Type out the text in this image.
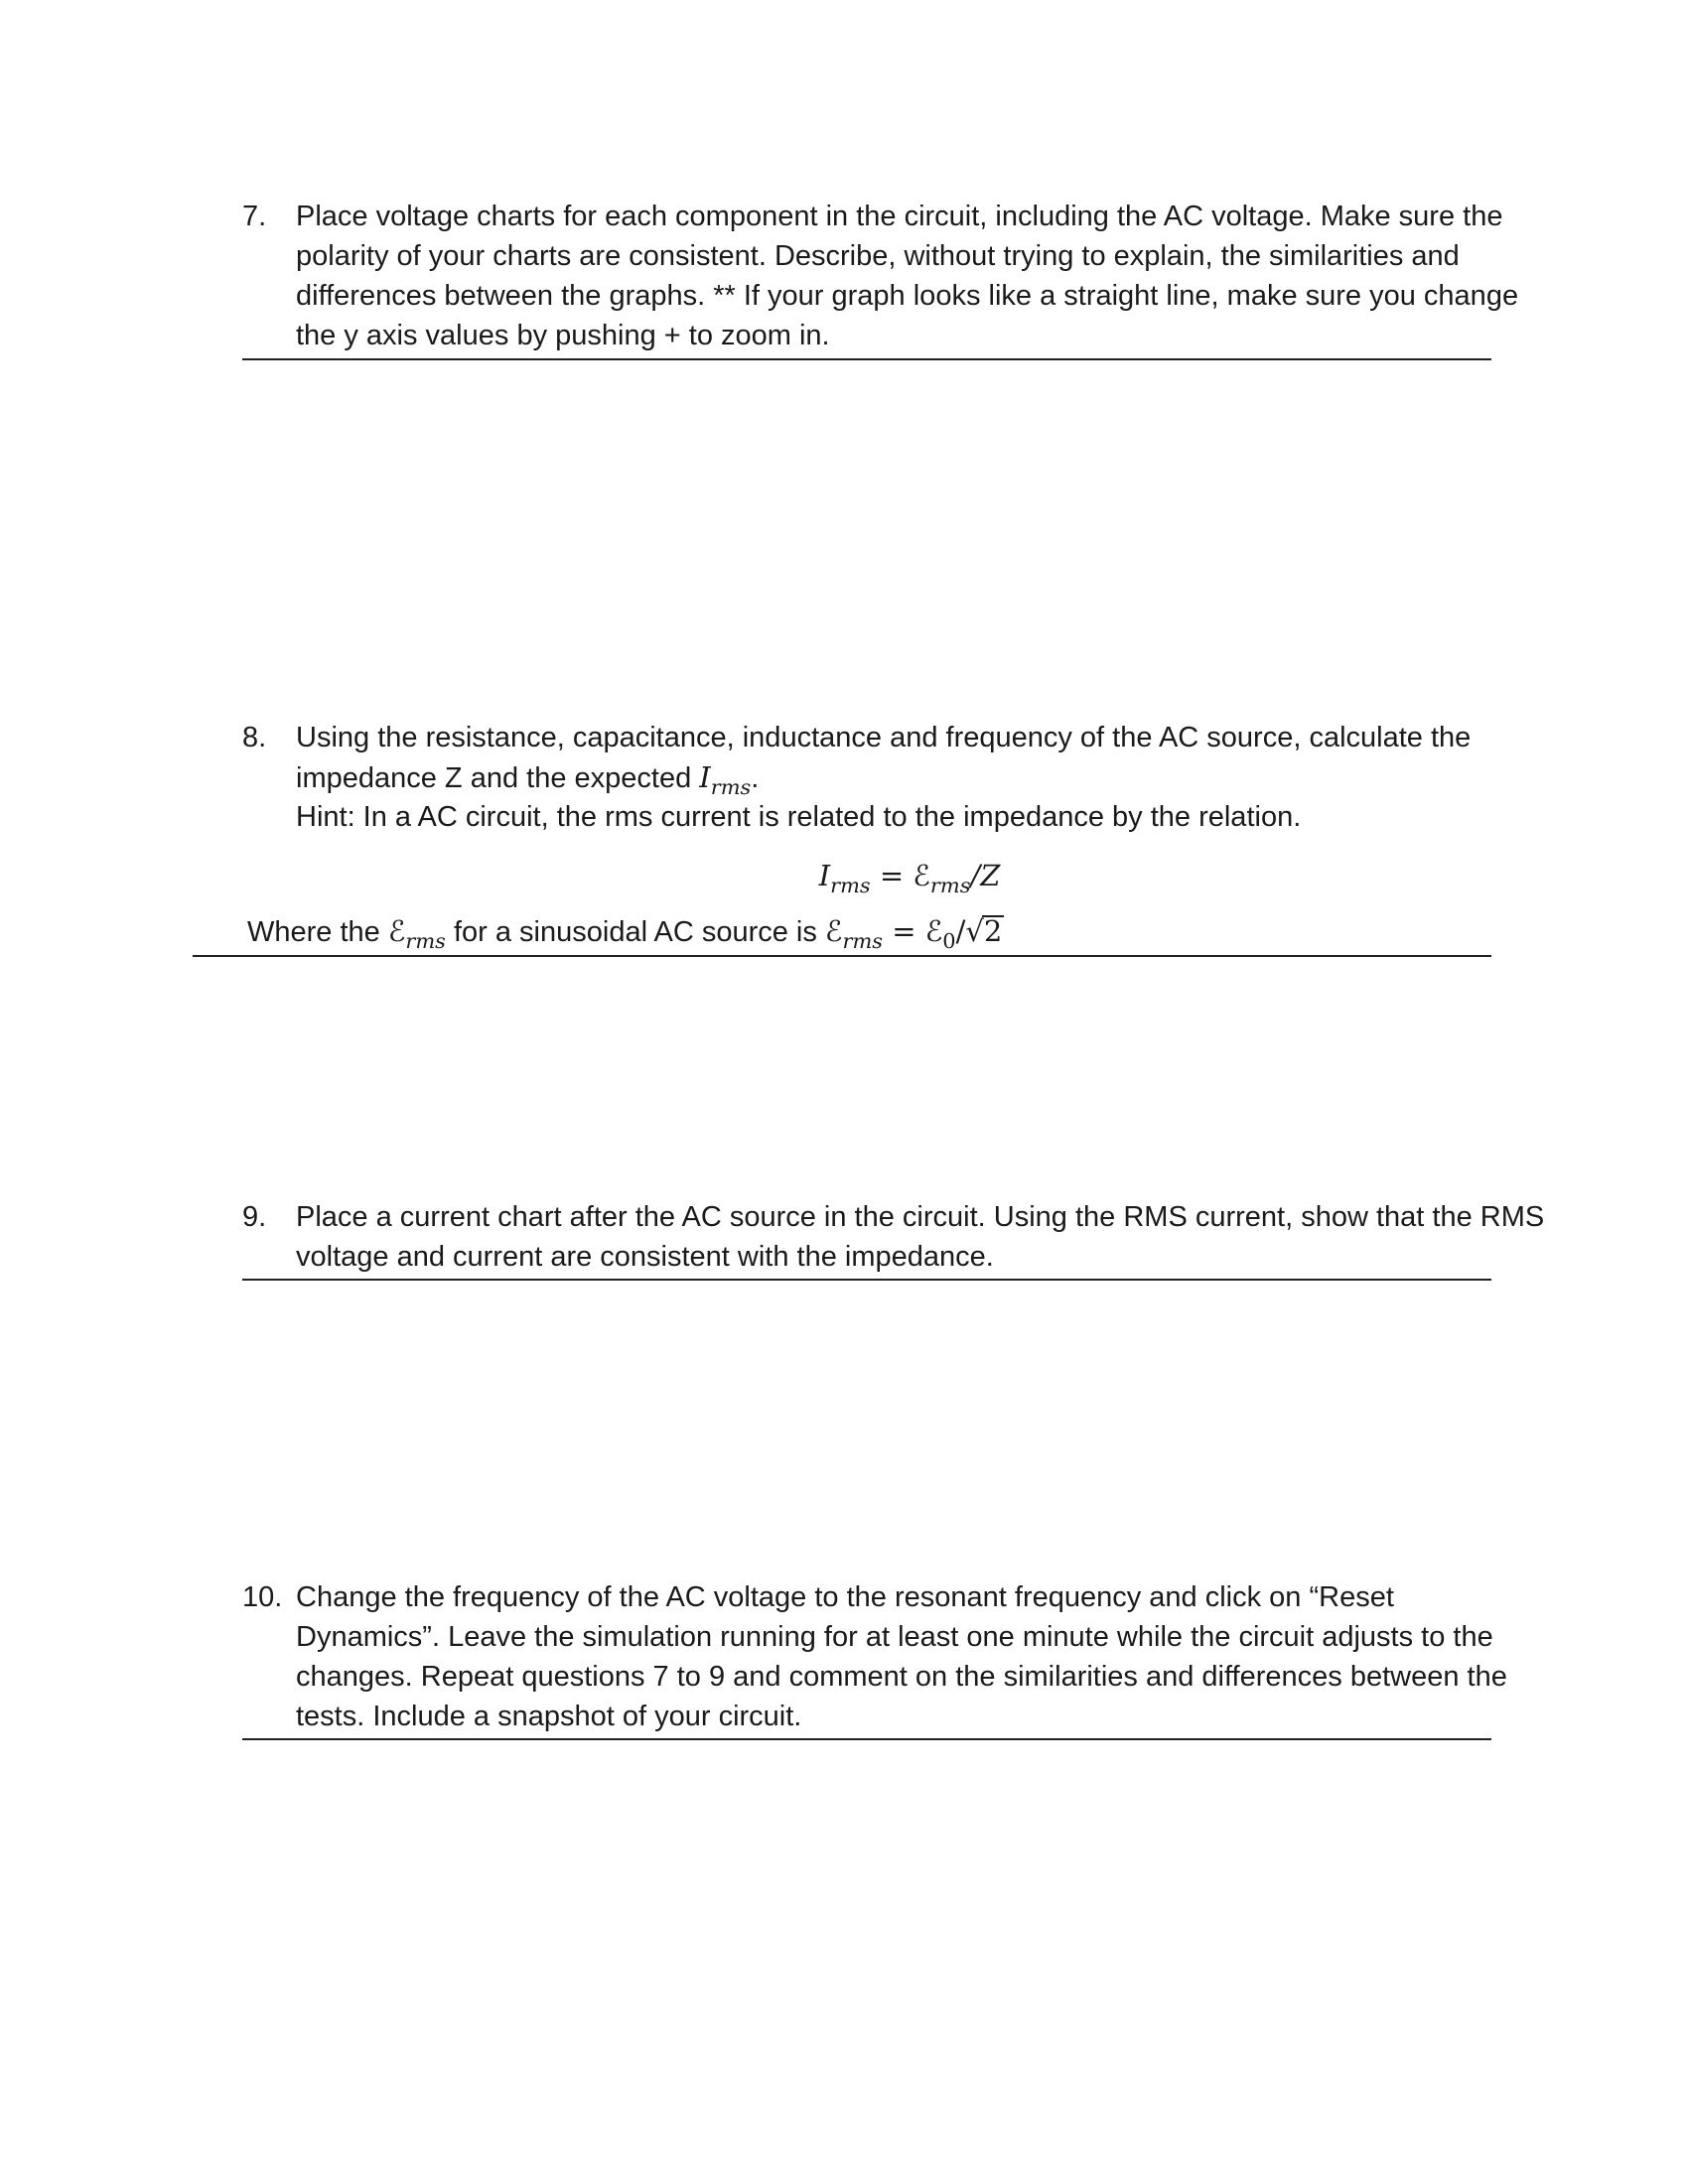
7.	Place voltage charts for each component in the circuit, including the AC voltage. Make sure the
polarity of your charts are consistent. Describe, without trying to explain, the similarities and
differences between the graphs. ** If your graph looks like a straight line, make sure you change
the y axis values by pushing + to zoom in.
8.	Using the resistance, capacitance, inductance and frequency of the AC source, calculate the
impedance Z and the expected $I_{rms}$.
Hint: In a AC circuit, the rms current is related to the impedance by the relation.
$I_{rms}$ = ℰ$_{rms}$/Z
Where the ℰ$_{rms}$ for a sinusoidal AC source is ℰ$_{rms}$ = ℰ$_0$/√2
9.	Place a current chart after the AC source in the circuit. Using the RMS current, show that the RMS
voltage and current are consistent with the impedance.
10. Change the frequency of the AC voltage to the resonant frequency and click on “Reset
Dynamics”. Leave the simulation running for at least one minute while the circuit adjusts to the
changes. Repeat questions 7 to 9 and comment on the similarities and differences between the
tests. Include a snapshot of your circuit.
